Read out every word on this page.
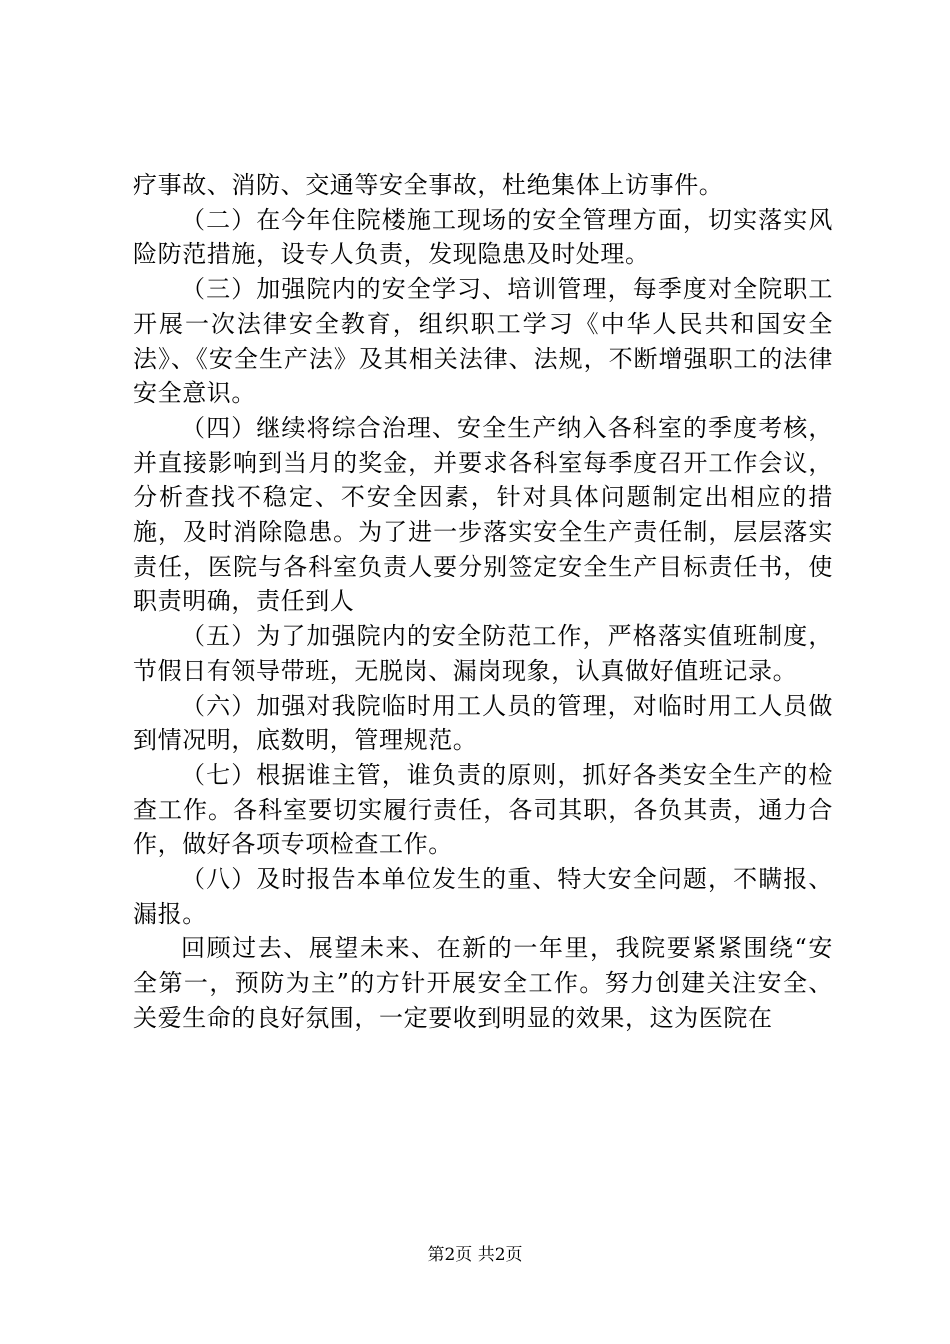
疗事故、消防、交通等安全事故，杜绝集体上访事件。

（二）在今年住院楼施工现场的安全管理方面，切实落实风险防范措施，设专人负责，发现隐患及时处理。

（三）加强院内的安全学习、培训管理，每季度对全院职工开展一次法律安全教育，组织职工学习《中华人民共和国安全法》、《安全生产法》及其相关法律、法规，不断增强职工的法律安全意识。

（四）继续将综合治理、安全生产纳入各科室的季度考核，并直接影响到当月的奖金，并要求各科室每季度召开工作会议，分析查找不稳定、不安全因素，针对具体问题制定出相应的措施，及时消除隐患。为了进一步落实安全生产责任制，层层落实责任，医院与各科室负责人要分别签定安全生产目标责任书，使职责明确，责任到人

（五）为了加强院内的安全防范工作，严格落实值班制度，节假日有领导带班，无脱岗、漏岗现象，认真做好值班记录。

（六）加强对我院临时用工人员的管理，对临时用工人员做到情况明，底数明，管理规范。

（七）根据谁主管，谁负责的原则，抓好各类安全生产的检查工作。各科室要切实履行责任，各司其职，各负其责，通力合作，做好各项专项检查工作。

（八）及时报告本单位发生的重、特大安全问题，不瞒报、漏报。

回顾过去、展望未来、在新的一年里，我院要紧紧围绕“安全第一，预防为主”的方针开展安全工作。努力创建关注安全、关爱生命的良好氛围，一定要收到明显的效果，这为医院在

第2页 共2页
